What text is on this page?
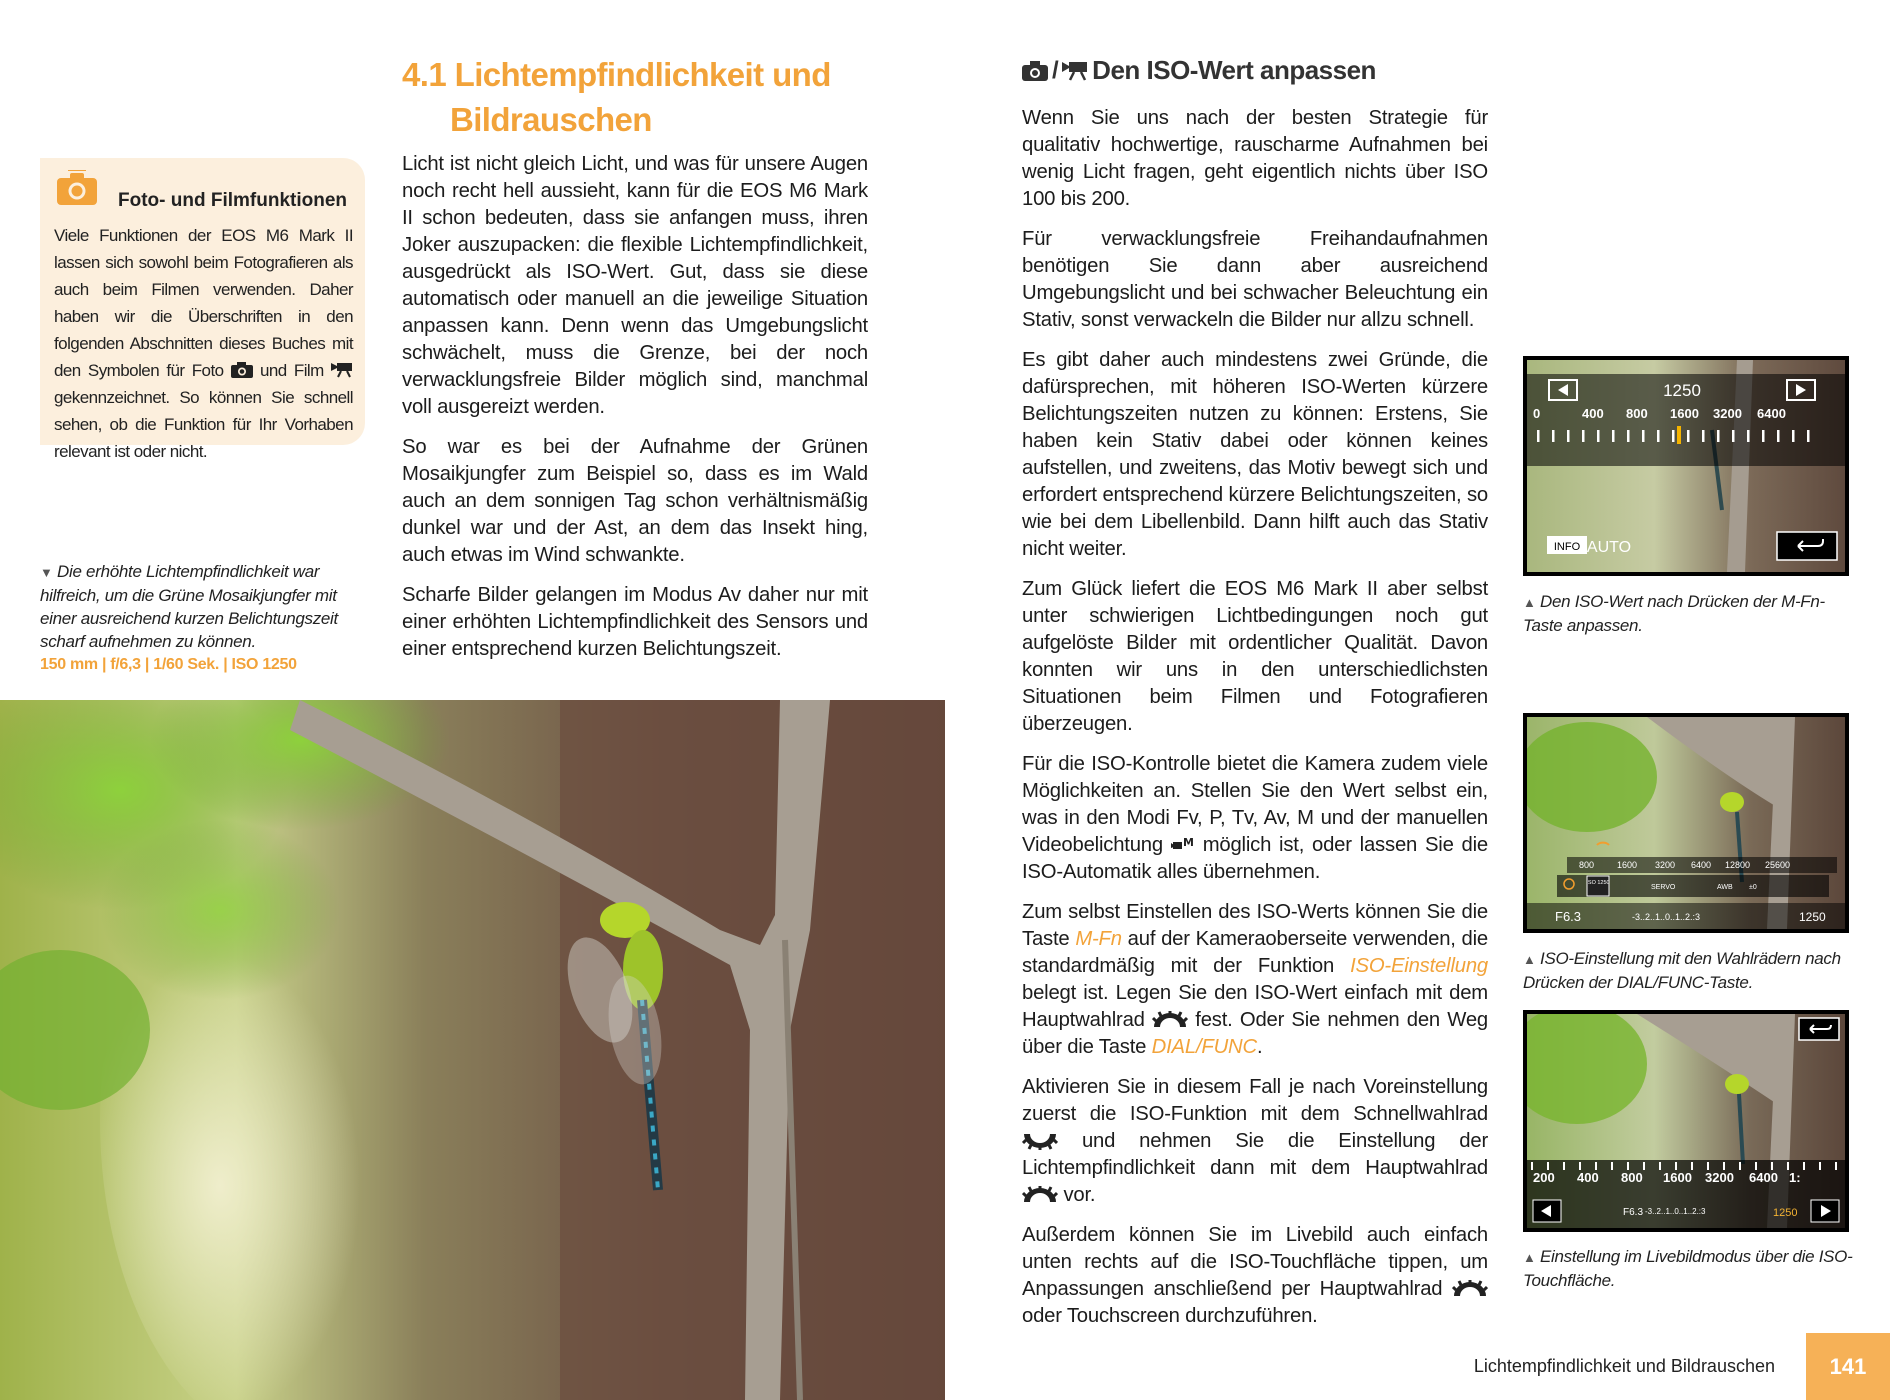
Foto- und Filmfunktionen

Viele Funktionen der EOS M6 Mark II lassen sich sowohl beim Fotografieren als auch beim Filmen verwenden. Daher haben wir die Überschriften in den folgenden Abschnitten dieses Buches mit den Symbolen für Foto und Film  gekennzeichnet. So können Sie schnell sehen, ob die Funktion für Ihr Vorhaben relevant ist oder nicht.

▼ Die erhöhte Lichtempfindlichkeit war hilfreich, um die Grüne Mosaikjungfer mit einer ausreichend kurzen Belichtungszeit scharf aufnehmen zu können.
150 mm | f/6,3 | 1/60 Sek. | ISO 1250
4.1 Lichtempfindlichkeit und
Bildrauschen

Licht ist nicht gleich Licht, und was für unsere Augen noch recht hell aussieht, kann für die EOS M6 Mark II schon bedeuten, dass sie anfangen muss, ihren Joker auszupacken: die flexible Lichtempfindlichkeit, ausgedrückt als ISO-Wert. Gut, dass sie diese automatisch oder manuell an die jeweilige Situation anpassen kann. Denn wenn das Umgebungslicht schwächelt, muss die Grenze, bei der noch verwacklungsfreie Bilder möglich sind, manchmal voll ausgereizt werden.

So war es bei der Aufnahme der Grünen Mosaikjungfer zum Beispiel so, dass es im Wald auch an dem sonnigen Tag schon verhältnismäßig dunkel war und der Ast, an dem das Insekt hing, auch etwas im Wind schwankte.

Scharfe Bilder gelangen im Modus Av daher nur mit einer erhöhten Lichtempfindlichkeit des Sensors und einer entsprechend kurzen Belichtungszeit.

/ Den ISO-Wert anpassen

Wenn Sie uns nach der besten Strategie für qualitativ hochwertige, rauscharme Aufnahmen bei wenig Licht fragen, geht eigentlich nichts über ISO 100 bis 200.

Für verwacklungsfreie Freihandaufnahmen benötigen Sie dann aber ausreichend Umgebungslicht und bei schwacher Beleuchtung ein Stativ, sonst verwackeln die Bilder nur allzu schnell.

Es gibt daher auch mindestens zwei Gründe, die dafürsprechen, mit höheren ISO-Werten kürzere Belichtungszeiten nutzen zu können: Erstens, Sie haben kein Stativ dabei oder können keines aufstellen, und zweitens, das Motiv bewegt sich und erfordert entsprechend kürzere Belichtungszeiten, so wie bei dem Libellenbild. Dann hilft auch das Stativ nicht weiter.

Zum Glück liefert die EOS M6 Mark II aber selbst unter schwierigen Lichtbedingungen noch gut aufgelöste Bilder mit ordentlicher Qualität. Davon konnten wir uns in den unterschiedlichsten Situationen beim Filmen und Fotografieren überzeugen.

Für die ISO-Kontrolle bietet die Kamera zudem viele Möglichkeiten an. Stellen Sie den Wert selbst ein, was in den Modi Fv, P, Tv, Av, M und der manuellen Videobelichtung M möglich ist, oder lassen Sie die ISO-Automatik alles übernehmen.

Zum selbst Einstellen des ISO-Werts können Sie die Taste M-Fn auf der Kameraoberseite verwenden, die standardmäßig mit der Funktion ISO-Einstellung belegt ist. Legen Sie den ISO-Wert einfach mit dem Hauptwahlrad fest. Oder Sie nehmen den Weg über die Taste DIAL/FUNC.

Aktivieren Sie in diesem Fall je nach Voreinstellung zuerst die ISO-Funktion mit dem Schnellwahlrad  und nehmen Sie die Einstellung der Lichtempfindlichkeit dann mit dem Hauptwahlrad  vor.

Außerdem können Sie im Livebild auch einfach unten rechts auf die ISO-Touchfläche tippen, um Anpassungen anschließend per Hauptwahlrad  oder Touchscreen durchzuführen.

1250
0	400 800 1600 3200 6400
INFO AUTO
▲ Den ISO-Wert nach Drücken der M-Fn-Taste anpassen.
800	1600 3200 6400 12800 25600
ISO 1250
F6.3	-3..2..1..0..1..2.:3	1250
SERVO	AWB ±0
▲ ISO-Einstellung mit den Wahlrädern nach Drücken der DIAL/FUNC-Taste.
200 400 800 1600 3200 6400 1:
F6.3 -3..2..1..0..1..2.:3	1250
▲ Einstellung im Livebildmodus über die ISO-Touchfläche.
Lichtempfindlichkeit und Bildrauschen	141
